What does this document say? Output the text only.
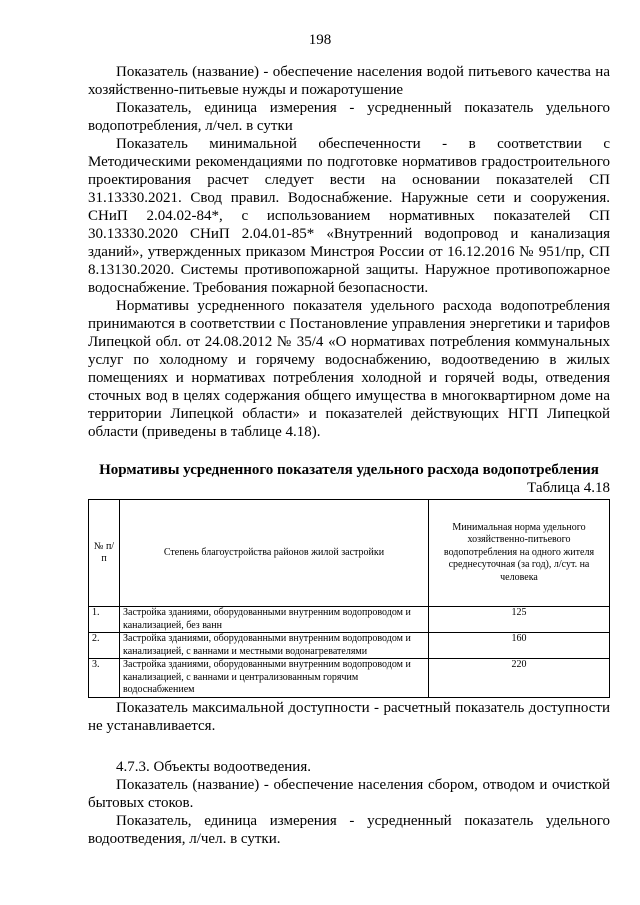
198

Показатель (название) - обеспечение населения водой питьевого качества на хозяйственно-питьевые нужды и пожаротушение

Показатель, единица измерения - усредненный показатель удельного водопотребления, л/чел. в сутки

Показатель минимальной обеспеченности - в соответствии с Методическими рекомендациями по подготовке нормативов градостроительного проектирования расчет следует вести на основании показателей СП 31.13330.2021. Свод правил. Водоснабжение. Наружные сети и сооружения. СНиП 2.04.02-84*, с использованием нормативных показателей СП 30.13330.2020 СНиП 2.04.01-85* «Внутренний водопровод и канализация зданий», утвержденных приказом Минстроя России от 16.12.2016 № 951/пр, СП 8.13130.2020. Системы противопожарной защиты. Наружное противопожарное водоснабжение. Требования пожарной безопасности.

Нормативы усредненного показателя удельного расхода водопотребления принимаются в соответствии с Постановление управления энергетики и тарифов Липецкой обл. от 24.08.2012 № 35/4 «О нормативах потребления коммунальных услуг по холодному и горячему водоснабжению, водоотведению в жилых помещениях и нормативах потребления холодной и горячей воды, отведения сточных вод в целях содержания общего имущества в многоквартирном доме на территории Липецкой области» и показателей действующих НГП Липецкой области (приведены в таблице 4.18).

Нормативы усредненного показателя удельного расхода водопотребления
Таблица 4.18
№ п/п	Степень благоустройства районов жилой застройки	Минимальная норма удельного хозяйственно-питьевого водопотребления на одного жителя среднесуточная (за год), л/сут. на человека
1.	Застройка зданиями, оборудованными внутренним водопроводом и канализацией, без ванн	125
2.	Застройка зданиями, оборудованными внутренним водопроводом и канализацией, с ваннами и местными водонагревателями	160
3.	Застройка зданиями, оборудованными внутренним водопроводом и канализацией, с ваннами и централизованным горячим водоснабжением	220

Показатель максимальной доступности - расчетный показатель доступности не устанавливается.

4.7.3. Объекты водоотведения.

Показатель (название) - обеспечение населения сбором, отводом и очисткой бытовых стоков.

Показатель, единица измерения - усредненный показатель удельного водоотведения, л/чел. в сутки.
